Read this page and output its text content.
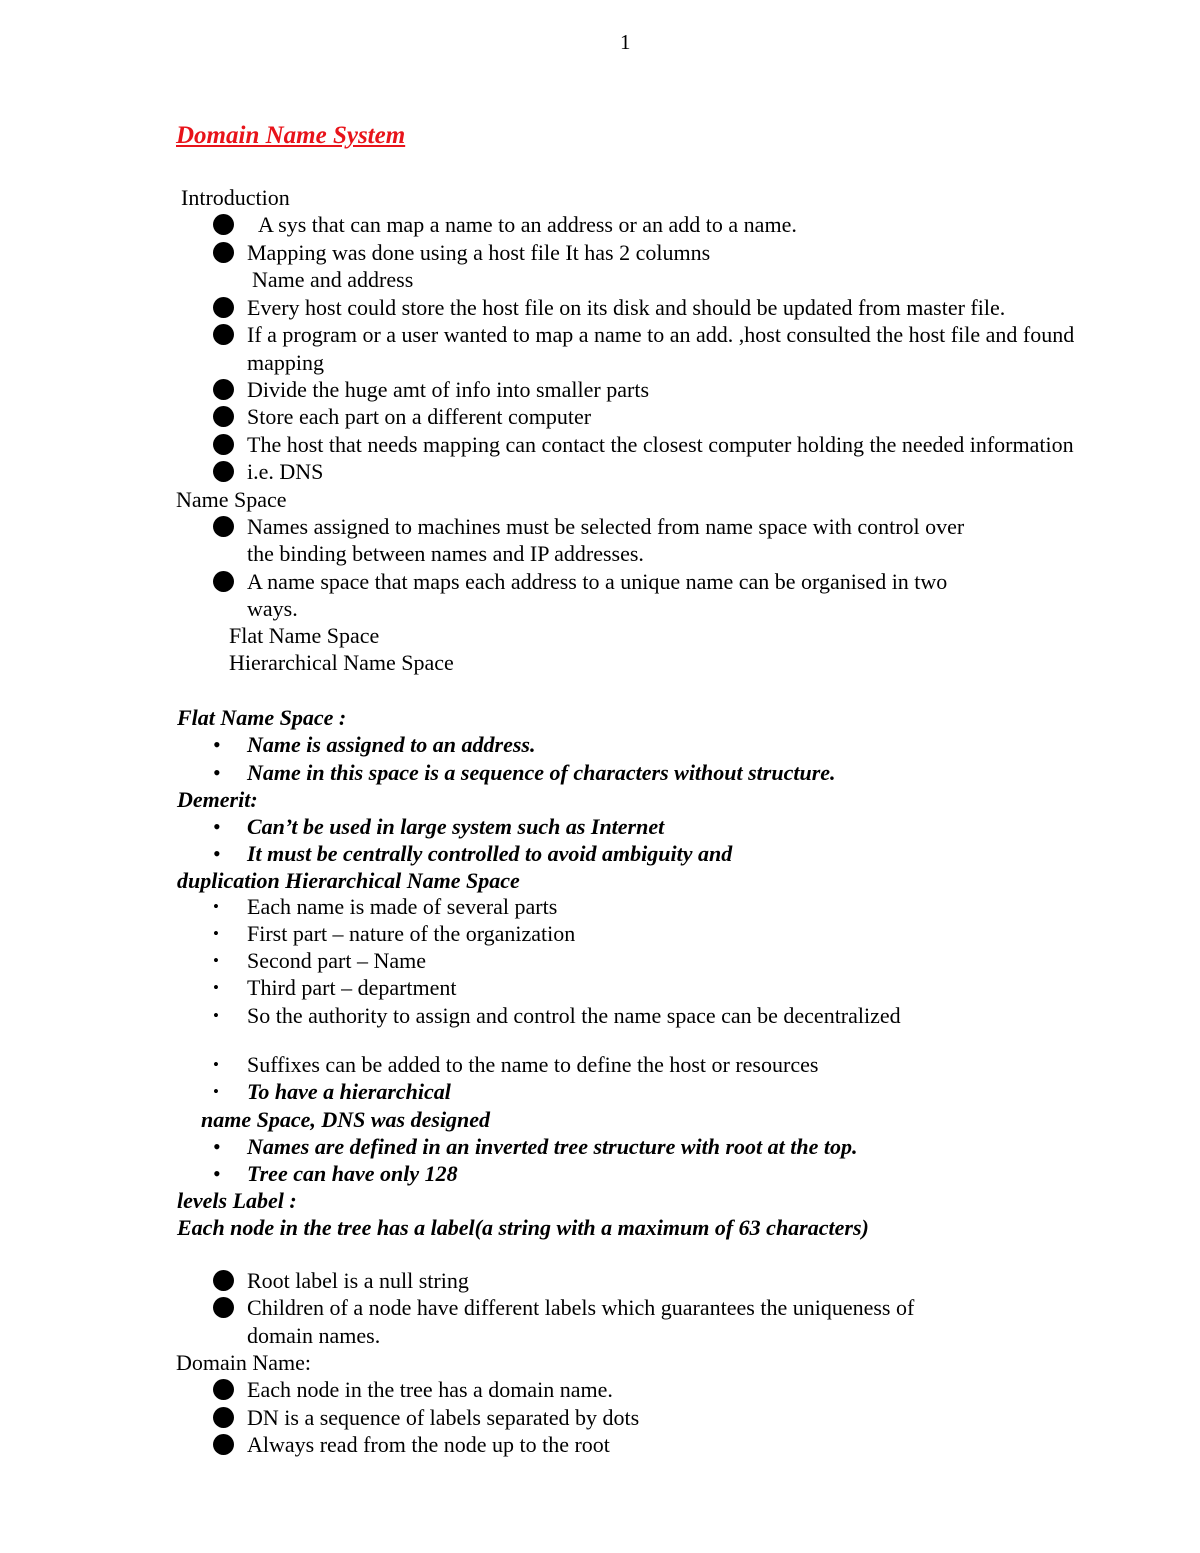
1
Domain Name System
Introduction
A sys that can map a name to an address or an add to a name.
Mapping was done using a host file It has 2 columns
Name and address
Every host could store the host file on its disk and should be updated from master file.
If a program or a user wanted to map a name to an add. ,host consulted the host file and found
mapping
Divide the huge amt of info into smaller parts
Store each part on a different computer
The host that needs mapping can contact the closest computer holding the needed information
i.e. DNS
Name Space
Names assigned to machines must be selected from name space with control over
the binding between names and IP addresses.
A name space that maps each address to a unique name can be organised in two
ways.
Flat Name Space
Hierarchical Name Space
Flat Name Space :
• Name is assigned to an address.
• Name in this space is a sequence of characters without structure.
Demerit:
• Can’t be used in large system such as Internet
• It must be centrally controlled to avoid ambiguity and
duplication Hierarchical Name Space
• Each name is made of several parts
• First part – nature of the organization
• Second part – Name
• Third part – department
• So the authority to assign and control the name space can be decentralized
• Suffixes can be added to the name to define the host or resources
• To have a hierarchical
name Space, DNS was designed
• Names are defined in an inverted tree structure with root at the top.
• Tree can have only 128
levels Label :
Each node in the tree has a label(a string with a maximum of 63 characters)
Root label is a null string
Children of a node have different labels which guarantees the uniqueness of
domain names.
Domain Name:
Each node in the tree has a domain name.
DN is a sequence of labels separated by dots
Always read from the node up to the root
